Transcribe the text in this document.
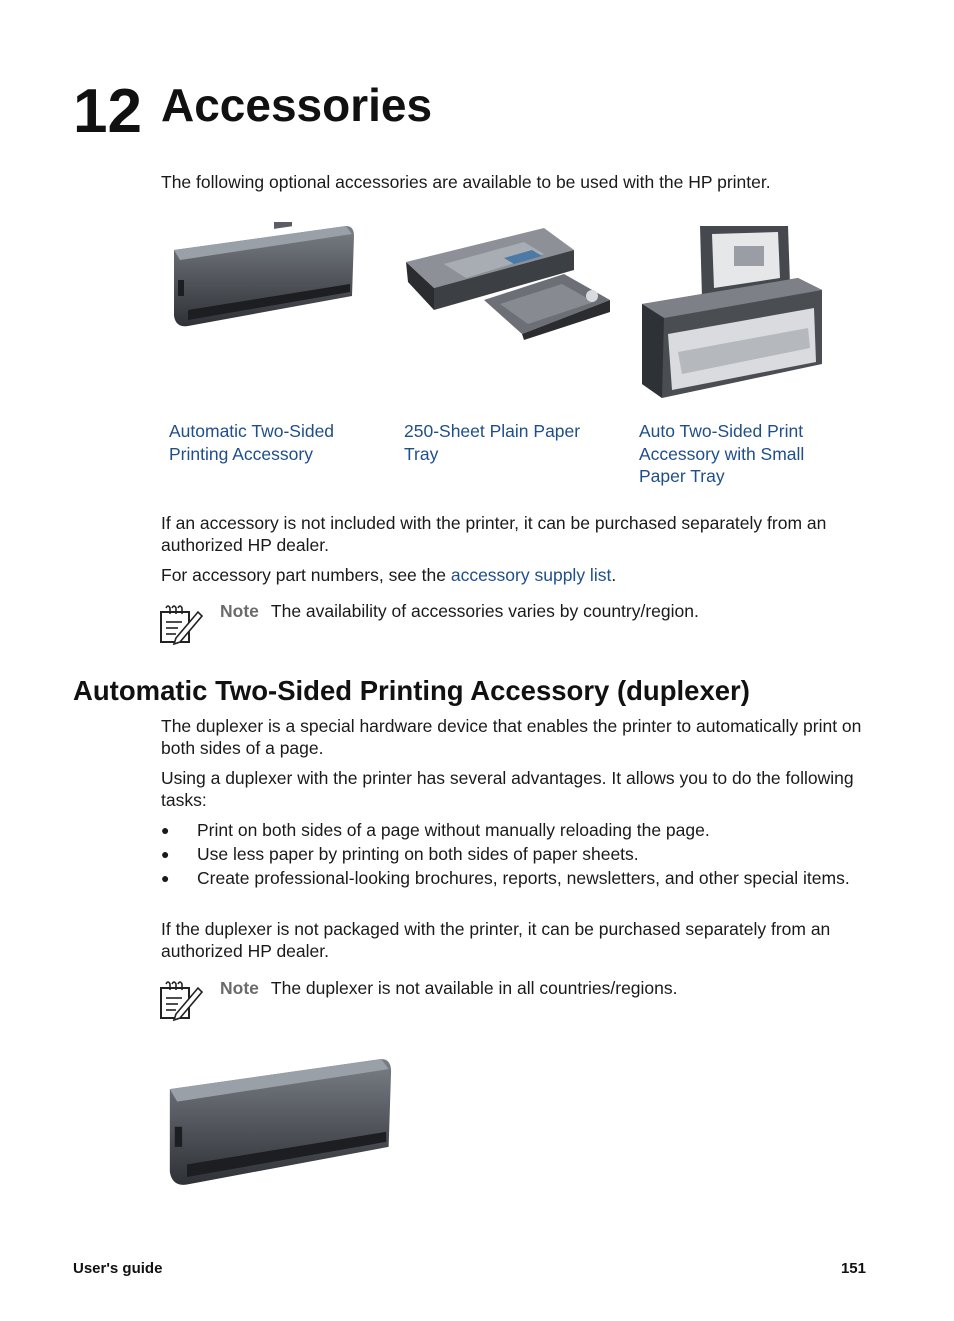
12 Accessories
The following optional accessories are available to be used with the HP printer.
Automatic Two-Sided
Printing Accessory
250-Sheet Plain Paper
Tray
Auto Two-Sided Print
Accessory with Small
Paper Tray
If an accessory is not included with the printer, it can be purchased separately from an authorized HP dealer.
For accessory part numbers, see the accessory supply list.
Note The availability of accessories varies by country/region.
Automatic Two-Sided Printing Accessory (duplexer)
The duplexer is a special hardware device that enables the printer to automatically print on both sides of a page.
Using a duplexer with the printer has several advantages. It allows you to do the following tasks:
● Print on both sides of a page without manually reloading the page.
● Use less paper by printing on both sides of paper sheets.
● Create professional-looking brochures, reports, newsletters, and other special items.
If the duplexer is not packaged with the printer, it can be purchased separately from an authorized HP dealer.
Note The duplexer is not available in all countries/regions.
User's guide	151
